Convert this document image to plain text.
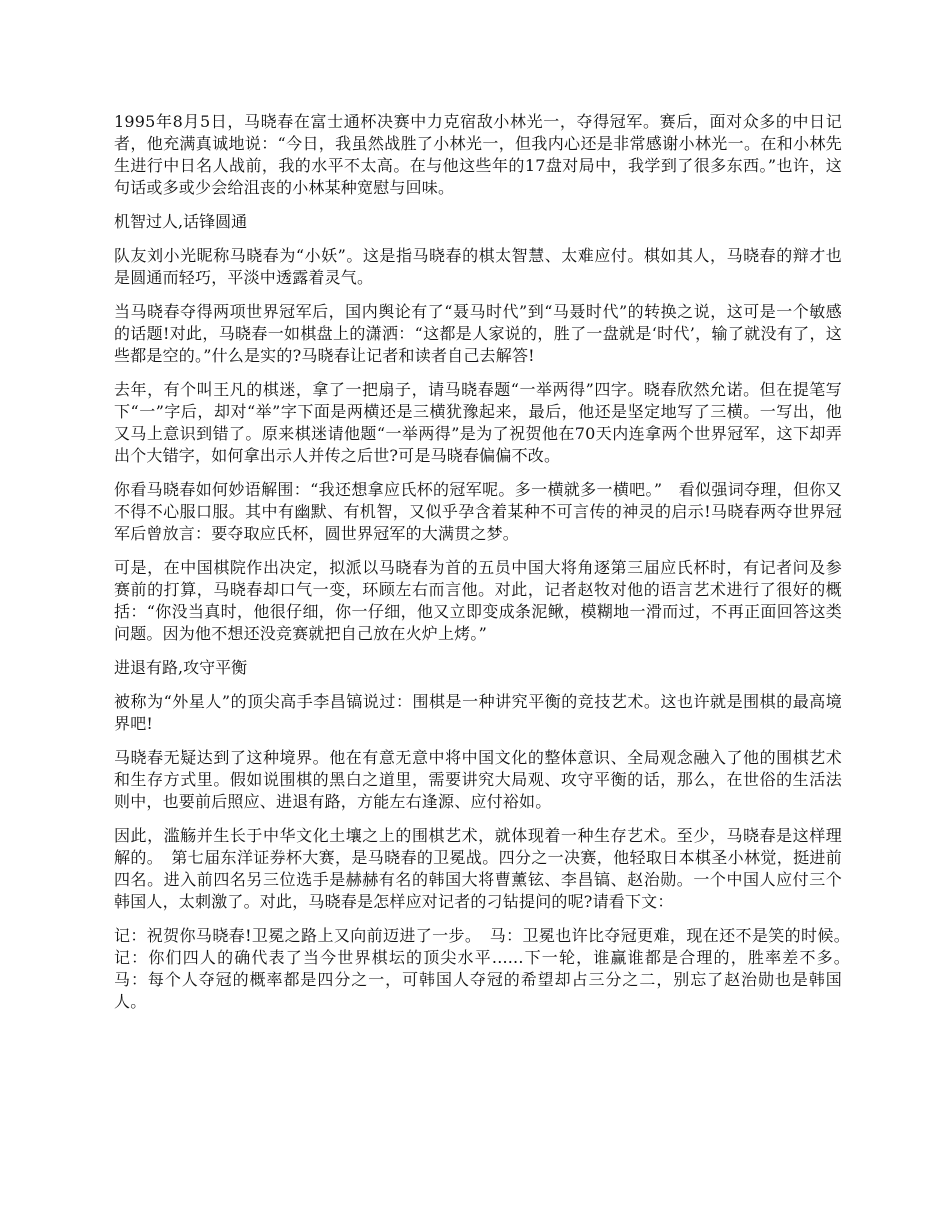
1995年8月5日，马晓春在富士通杯决赛中力克宿敌小林光一，夺得冠军。赛后，面对众多的中日记者，他充满真诚地说：“今日，我虽然战胜了小林光一，但我内心还是非常感谢小林光一。在和小林先生进行中日名人战前，我的水平不太高。在与他这些年的17盘对局中，我学到了很多东西。”也许，这句话或多或少会给沮丧的小林某种宽慰与回味。

机智过人,话锋圆通

队友刘小光昵称马晓春为“小妖”。这是指马晓春的棋太智慧、太难应付。棋如其人，马晓春的辩才也是圆通而轻巧，平淡中透露着灵气。

当马晓春夺得两项世界冠军后，国内舆论有了“聂马时代”到“马聂时代”的转换之说，这可是一个敏感的话题!对此，马晓春一如棋盘上的潇洒：“这都是人家说的，胜了一盘就是‘时代’，输了就没有了，这些都是空的。”什么是实的?马晓春让记者和读者自己去解答!

去年，有个叫王凡的棋迷，拿了一把扇子，请马晓春题“一举两得”四字。晓春欣然允诺。但在提笔写下“一”字后，却对“举”字下面是两横还是三横犹豫起来，最后，他还是坚定地写了三横。一写出，他又马上意识到错了。原来棋迷请他题“一举两得”是为了祝贺他在70天内连拿两个世界冠军，这下却弄出个大错字，如何拿出示人并传之后世?可是马晓春偏偏不改。

你看马晓春如何妙语解围：“我还想拿应氏杯的冠军呢。多一横就多一横吧。”　看似强词夺理，但你又不得不心服口服。其中有幽默、有机智，又似乎孕含着某种不可言传的神灵的启示!马晓春两夺世界冠军后曾放言：要夺取应氏杯，圆世界冠军的大满贯之梦。

可是，在中国棋院作出决定，拟派以马晓春为首的五员中国大将角逐第三届应氏杯时，有记者问及参赛前的打算，马晓春却口气一变，环顾左右而言他。对此，记者赵牧对他的语言艺术进行了很好的概括：“你没当真时，他很仔细，你一仔细，他又立即变成条泥鳅，模糊地一滑而过，不再正面回答这类问题。因为他不想还没竞赛就把自己放在火炉上烤。”

进退有路,攻守平衡

被称为“外星人”的顶尖高手李昌镐说过：围棋是一种讲究平衡的竞技艺术。这也许就是围棋的最高境界吧!

马晓春无疑达到了这种境界。他在有意无意中将中国文化的整体意识、全局观念融入了他的围棋艺术和生存方式里。假如说围棋的黑白之道里，需要讲究大局观、攻守平衡的话，那么，在世俗的生活法则中，也要前后照应、进退有路，方能左右逢源、应付裕如。

因此，滥觞并生长于中华文化土壤之上的围棋艺术，就体现着一种生存艺术。至少，马晓春是这样理解的。　第七届东洋证券杯大赛，是马晓春的卫冕战。四分之一决赛，他轻取日本棋圣小林觉，挺进前四名。进入前四名另三位选手是赫赫有名的韩国大将曹薰铉、李昌镐、赵治勋。一个中国人应付三个韩国人，太刺激了。对此，马晓春是怎样应对记者的刁钻提问的呢?请看下文：

记：祝贺你马晓春!卫冕之路上又向前迈进了一步。　马：卫冕也许比夺冠更难，现在还不是笑的时候。　记：你们四人的确代表了当今世界棋坛的顶尖水平......下一轮，谁赢谁都是合理的，胜率差不多。　马：每个人夺冠的概率都是四分之一，可韩国人夺冠的希望却占三分之二，别忘了赵治勋也是韩国人。
